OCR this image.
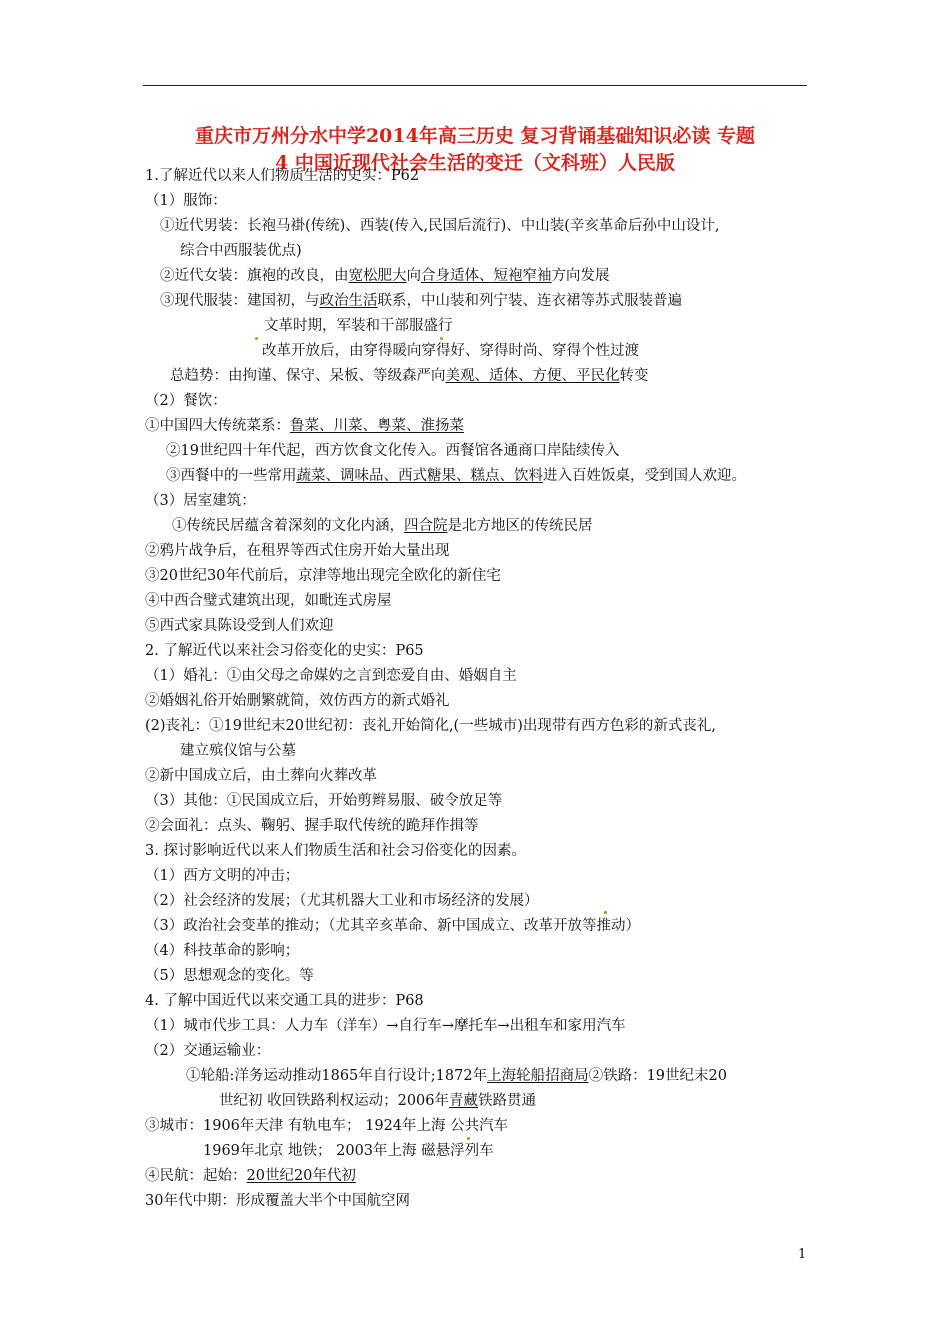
重庆市万州分水中学2014年高三历史 复习背诵基础知识必读 专题
4 中国近现代社会生活的变迁（文科班）人民版
1.了解近代以来人们物质生活的史实：P62
（1）服饰：
①近代男装：长袍马褂(传统)、西装(传入,民国后流行)、中山装(辛亥革命后孙中山设计,
综合中西服装优点)
②近代女装：旗袍的改良，由宽松肥大向合身适体、短袍窄袖方向发展
③现代服装：建国初，与政治生活联系，中山装和列宁装、连衣裙等苏式服装普遍
文革时期，军装和干部服盛行
改革开放后，由穿得暖向穿得好、穿得时尚、穿得个性过渡
总趋势：由拘谨、保守、呆板、等级森严向美观、适体、方便、平民化转变
（2）餐饮：
①中国四大传统菜系：鲁菜、川菜、粤菜、淮扬菜
②19世纪四十年代起，西方饮食文化传入。西餐馆各通商口岸陆续传入
③西餐中的一些常用蔬菜、调味品、西式糖果、糕点、饮料进入百姓饭桌，受到国人欢迎。
（3）居室建筑：
①传统民居蕴含着深刻的文化内涵，四合院是北方地区的传统民居
②鸦片战争后，在租界等西式住房开始大量出现
③20世纪30年代前后，京津等地出现完全欧化的新住宅
④中西合璧式建筑出现，如毗连式房屋
⑤西式家具陈设受到人们欢迎
2. 了解近代以来社会习俗变化的史实：P65
（1）婚礼：①由父母之命媒妁之言到恋爱自由、婚姻自主
②婚姻礼俗开始删繁就简，效仿西方的新式婚礼
(2)丧礼：①19世纪末20世纪初：丧礼开始简化,(一些城市)出现带有西方色彩的新式丧礼,
建立殡仪馆与公墓
②新中国成立后，由土葬向火葬改革
（3）其他：①民国成立后，开始剪辫易服、破令放足等
②会面礼：点头、鞠躬、握手取代传统的跪拜作揖等
3. 探讨影响近代以来人们物质生活和社会习俗变化的因素。
（1）西方文明的冲击；
（2）社会经济的发展；（尤其机器大工业和市场经济的发展）
（3）政治社会变革的推动；（尤其辛亥革命、新中国成立、改革开放等推动）
（4）科技革命的影响；
（5）思想观念的变化。等
4. 了解中国近代以来交通工具的进步：P68
（1）城市代步工具：人力车（洋车）→自行车→摩托车→出租车和家用汽车
（2）交通运输业：
①轮船:洋务运动推动1865年自行设计;1872年上海轮船招商局②铁路：19世纪末20
世纪初 收回铁路利权运动；2006年青藏铁路贯通
③城市：1906年天津 有轨电车； 1924年上海 公共汽车
1969年北京 地铁； 2003年上海 磁悬浮列车
④民航：起始：20世纪20年代初
30年代中期：形成覆盖大半个中国航空网
1
